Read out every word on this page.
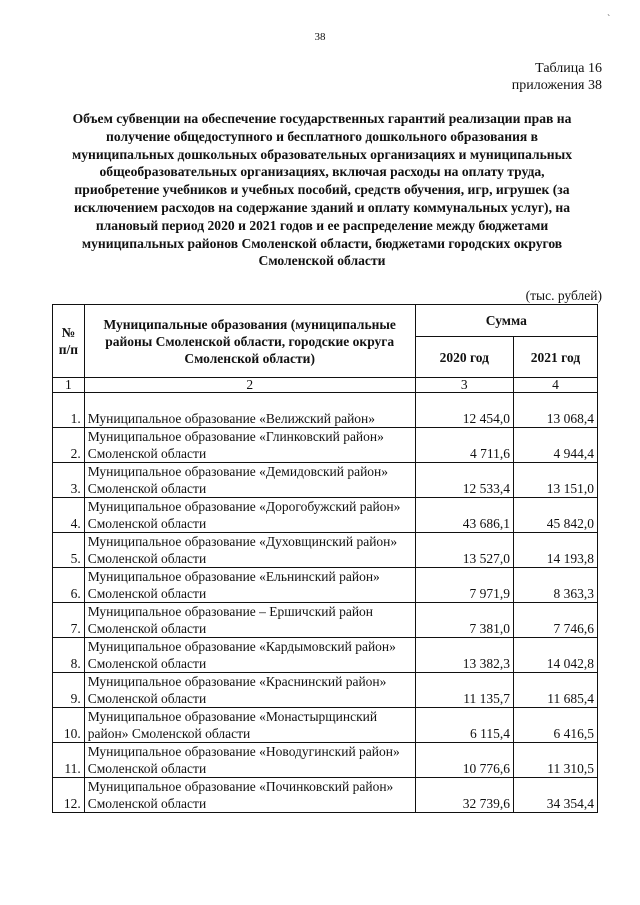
38
`
Таблица 16
приложения 38
Объем субвенции на обеспечение государственных гарантий реализации прав на получение общедоступного и бесплатного дошкольного образования в муниципальных дошкольных образовательных организациях и муниципальных общеобразовательных организациях, включая расходы на оплату труда, приобретение учебников и учебных пособий, средств обучения, игр, игрушек (за исключением расходов на содержание зданий и оплату коммунальных услуг), на плановый период 2020 и 2021 годов и ее распределение между бюджетами муниципальных районов Смоленской области, бюджетами городских округов Смоленской области
(тыс. рублей)
№ п/п	Муниципальные образования (муниципальные районы Смоленской области, городские округа Смоленской области)	Сумма	
		2020 год	2021 год
1	2	3	4
1.	Муниципальное образование «Велижский район»	12 454,0	13 068,4
2.	Муниципальное образование «Глинковский район» Смоленской области	4 711,6	4 944,4
3.	Муниципальное образование «Демидовский район» Смоленской области	12 533,4	13 151,0
4.	Муниципальное образование «Дорогобужский район» Смоленской области	43 686,1	45 842,0
5.	Муниципальное образование «Духовщинский район» Смоленской области	13 527,0	14 193,8
6.	Муниципальное образование «Ельнинский район» Смоленской области	7 971,9	8 363,3
7.	Муниципальное образование – Ершичский район Смоленской области	7 381,0	7 746,6
8.	Муниципальное образование «Кардымовский район» Смоленской области	13 382,3	14 042,8
9.	Муниципальное образование «Краснинский район» Смоленской области	11 135,7	11 685,4
10.	Муниципальное образование «Монастырщинский район» Смоленской области	6 115,4	6 416,5
11.	Муниципальное образование «Новодугинский район» Смоленской области	10 776,6	11 310,5
12.	Муниципальное образование «Починковский район» Смоленской области	32 739,6	34 354,4
